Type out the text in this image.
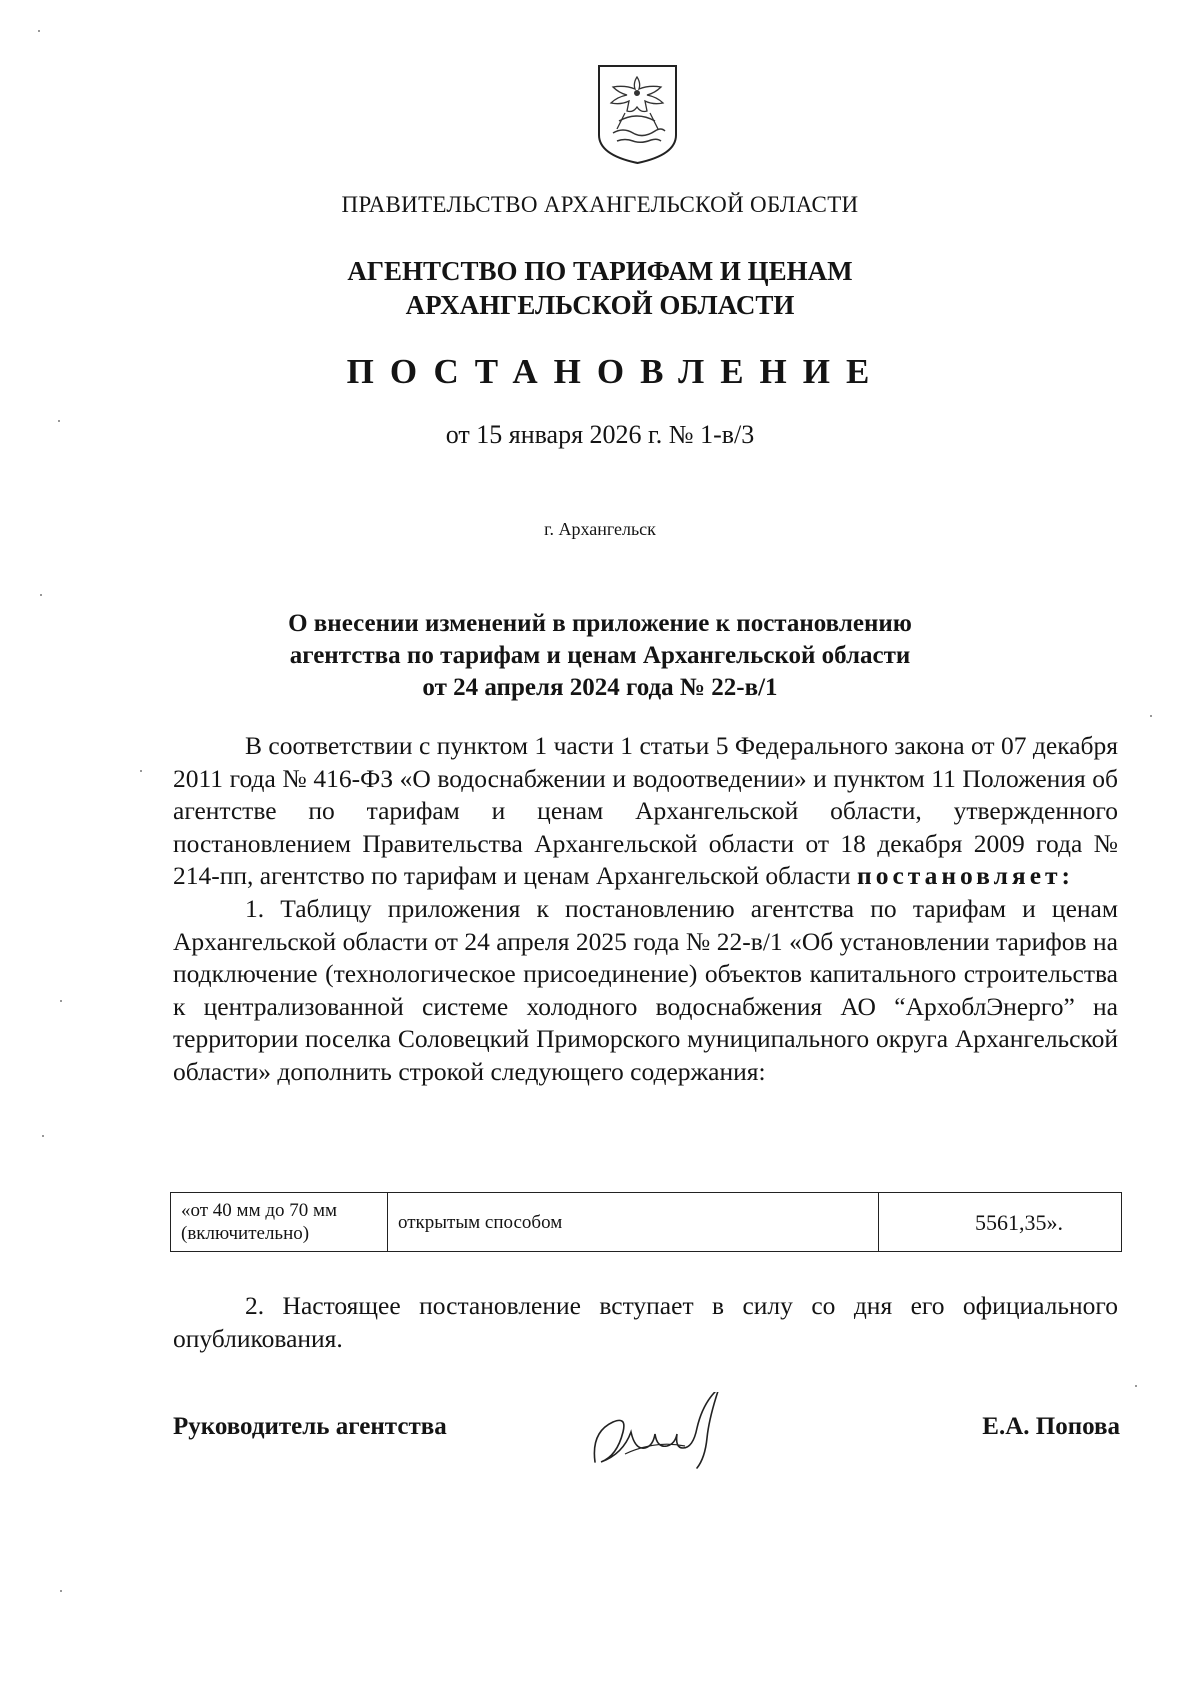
ПРАВИТЕЛЬСТВО АРХАНГЕЛЬСКОЙ ОБЛАСТИ
АГЕНТСТВО ПО ТАРИФАМ И ЦЕНАМ
АРХАНГЕЛЬСКОЙ ОБЛАСТИ
ПОСТАНОВЛЕНИЕ
от 15 января 2026 г. № 1-в/3
г. Архангельск
О внесении изменений в приложение к постановлению
агентства по тарифам и ценам Архангельской области
от 24 апреля 2024 года № 22-в/1

В соответствии с пунктом 1 части 1 статьи 5 Федерального закона от 07 декабря 2011 года № 416-ФЗ «О водоснабжении и водоотведении» и пунктом 11 Положения об агентстве по тарифам и ценам Архангельской области, утвержденного постановлением Правительства Архангельской области от 18 декабря 2009 года № 214-пп, агентство по тарифам и ценам Архангельской области постановляет:

1. Таблицу приложения к постановлению агентства по тарифам и ценам Архангельской области от 24 апреля 2025 года № 22-в/1 «Об установлении тарифов на подключение (технологическое присоединение) объектов капитального строительства к централизованной системе холодного водоснабжения АО “АрхоблЭнерго” на территории поселка Соловецкий Приморского муниципального округа Архангельской области» дополнить строкой следующего содержания:

«от 40 мм до 70 мм (включительно)	открытым способом	5561,35».

2. Настоящее постановление вступает в силу со дня его официального опубликования.

Руководитель агентства	Е.А. Попова
